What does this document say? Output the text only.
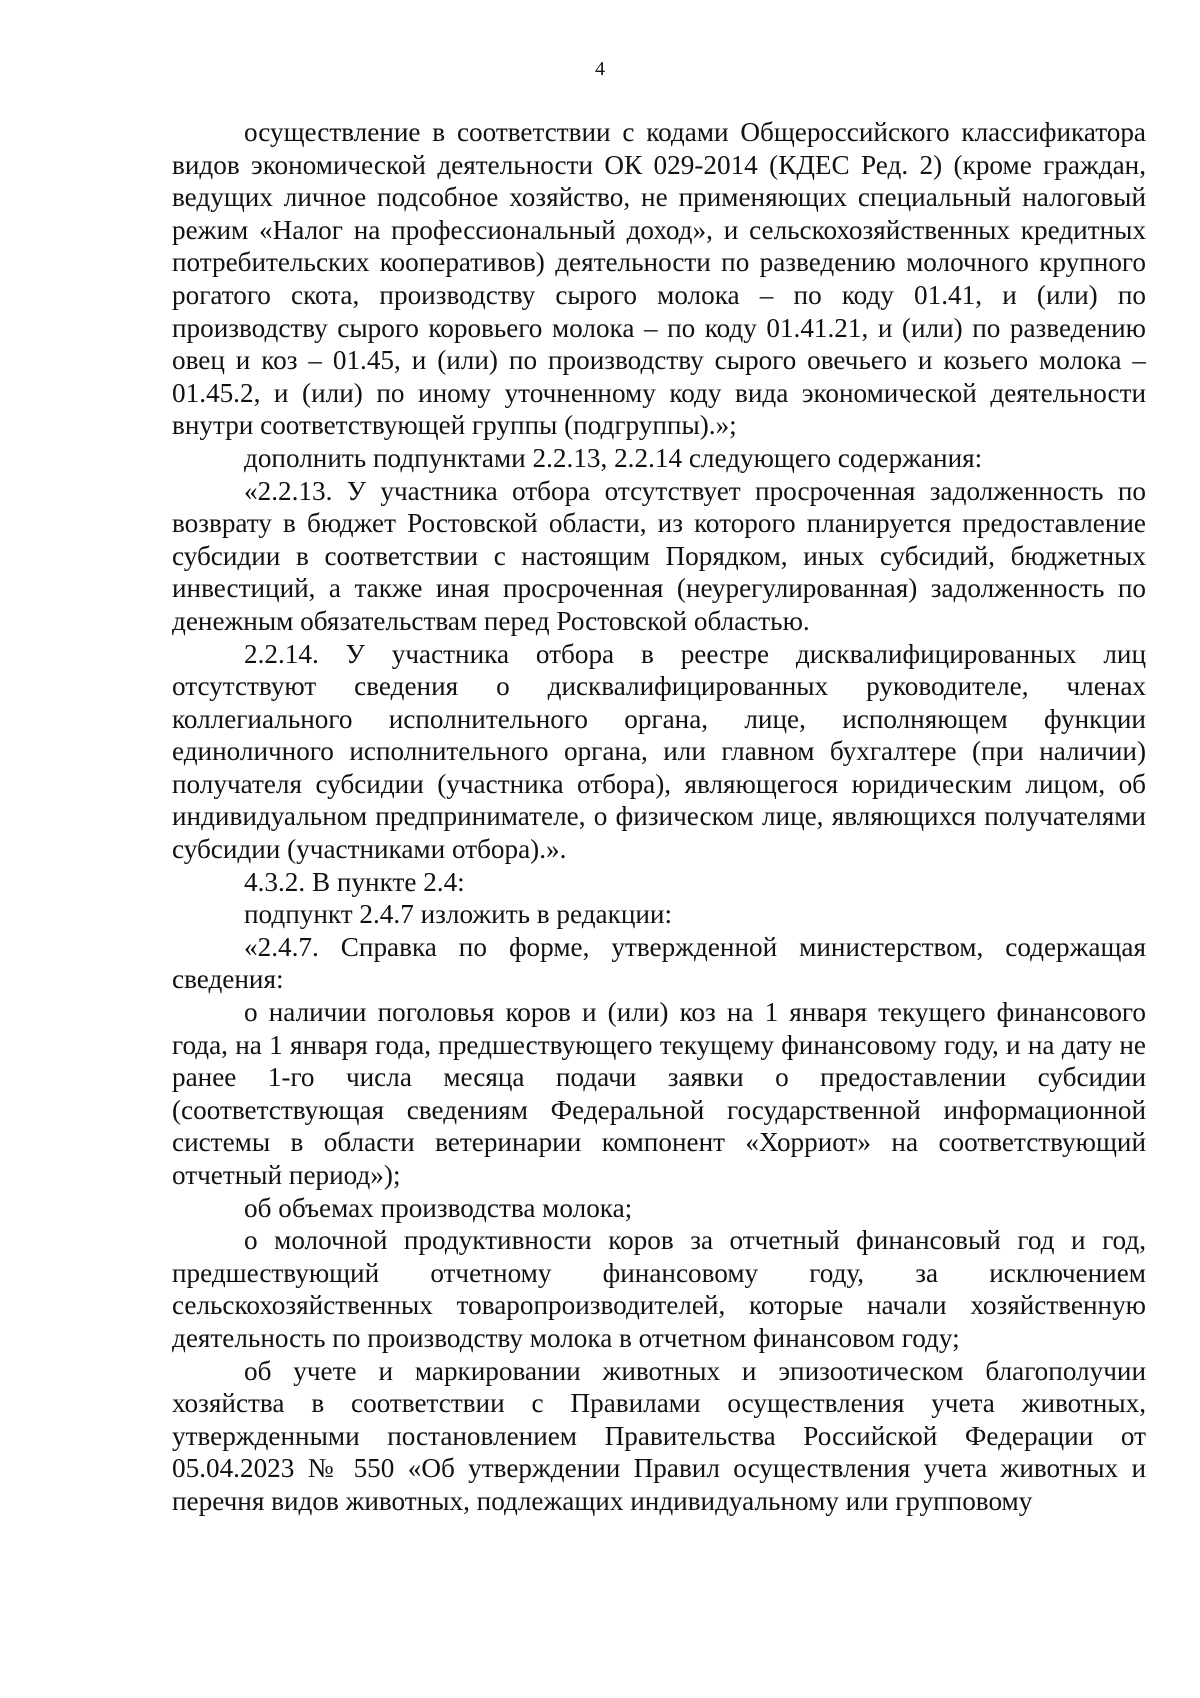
4

осуществление в соответствии с кодами Общероссийского классификатора видов экономической деятельности ОК 029-2014 (КДЕС Ред. 2) (кроме граждан, ведущих личное подсобное хозяйство, не применяющих специальный налоговый режим «Налог на профессиональный доход», и сельскохозяйственных кредитных потребительских кооперативов) деятельности по разведению молочного крупного рогатого скота, производству сырого молока – по коду 01.41, и (или) по производству сырого коровьего молока – по коду 01.41.21, и (или) по разведению овец и коз – 01.45, и (или) по производству сырого овечьего и козьего молока – 01.45.2, и (или) по иному уточненному коду вида экономической деятельности внутри соответствующей группы (подгруппы).»;

дополнить подпунктами 2.2.13, 2.2.14 следующего содержания:

«2.2.13. У участника отбора отсутствует просроченная задолженность по возврату в бюджет Ростовской области, из которого планируется предоставление субсидии в соответствии с настоящим Порядком, иных субсидий, бюджетных инвестиций, а также иная просроченная (неурегулированная) задолженность по денежным обязательствам перед Ростовской областью.

2.2.14. У участника отбора в реестре дисквалифицированных лиц отсутствуют сведения о дисквалифицированных руководителе, членах коллегиального исполнительного органа, лице, исполняющем функции единоличного исполнительного органа, или главном бухгалтере (при наличии) получателя субсидии (участника отбора), являющегося юридическим лицом, об индивидуальном предпринимателе, о физическом лице, являющихся получателями субсидии (участниками отбора).».

4.3.2. В пункте 2.4:

подпункт 2.4.7 изложить в редакции:

«2.4.7. Справка по форме, утвержденной министерством, содержащая сведения:

о наличии поголовья коров и (или) коз на 1 января текущего финансового года, на 1 января года, предшествующего текущему финансовому году, и на дату не ранее 1-го числа месяца подачи заявки о предоставлении субсидии (соответствующая сведениям Федеральной государственной информационной системы в области ветеринарии компонент «Хорриот» на соответствующий отчетный период»);

об объемах производства молока;

о молочной продуктивности коров за отчетный финансовый год и год, предшествующий отчетному финансовому году, за исключением сельскохозяйственных товаропроизводителей, которые начали хозяйственную деятельность по производству молока в отчетном финансовом году;

об учете и маркировании животных и эпизоотическом благополучии хозяйства в соответствии с Правилами осуществления учета животных, утвержденными постановлением Правительства Российской Федерации от 05.04.2023 № 550 «Об утверждении Правил осуществления учета животных и перечня видов животных, подлежащих индивидуальному или групповому
